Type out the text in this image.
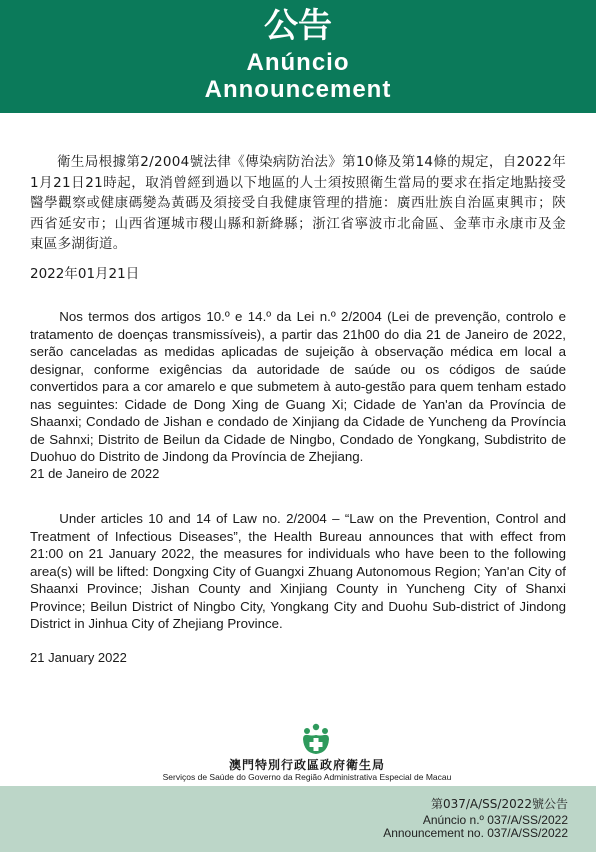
公告
Anúncio
Announcement

衛生局根據第2/2004號法律《傳染病防治法》第10條及第14條的規定，自2022年1月21日21時起，取消曾經到過以下地區的人士須按照衛生當局的要求在指定地點接受醫學觀察或健康碼變為黃碼及須接受自我健康管理的措施：廣西壯族自治區東興市；陝西省延安市；山西省運城市稷山縣和新絳縣；浙江省寧波市北侖區、金華市永康市及金東區多湖街道。

2022年01月21日

Nos termos dos artigos 10.º e 14.º da Lei n.º 2/2004 (Lei de prevenção, controlo e tratamento de doenças transmissíveis), a partir das 21h00 do dia 21 de Janeiro de 2022, serão canceladas as medidas aplicadas de sujeição à observação médica em local a designar, conforme exigências da autoridade de saúde ou os códigos de saúde convertidos para a cor amarelo e que submetem à auto-gestão para quem tenham estado nas seguintes: Cidade de Dong Xing de Guang Xi; Cidade de Yan'an da Província de Shaanxi; Condado de Jishan e condado de Xinjiang da Cidade de Yuncheng da Província de Sahnxi; Distrito de Beilun da Cidade de Ningbo, Condado de Yongkang, Subdistrito de Duohuo do Distrito de Jindong da Província de Zhejiang.

21 de Janeiro de 2022

Under articles 10 and 14 of Law no. 2/2004 – “Law on the Prevention, Control and Treatment of Infectious Diseases”, the Health Bureau announces that with effect from 21:00 on 21 January 2022, the measures for individuals who have been to the following area(s) will be lifted: Dongxing City of Guangxi Zhuang Autonomous Region; Yan'an City of Shaanxi Province; Jishan County and Xinjiang County in Yuncheng City of Shanxi Province; Beilun District of Ningbo City, Yongkang City and Duohu Sub-district of Jindong District in Jinhua City of Zhejiang Province.

21 January 2022
澳門特別行政區政府衛生局
Serviços de Saúde do Governo da Região Administrativa Especial de Macau
第037/A/SS/2022號公告
Anúncio n.º 037/A/SS/2022
Announcement no. 037/A/SS/2022
